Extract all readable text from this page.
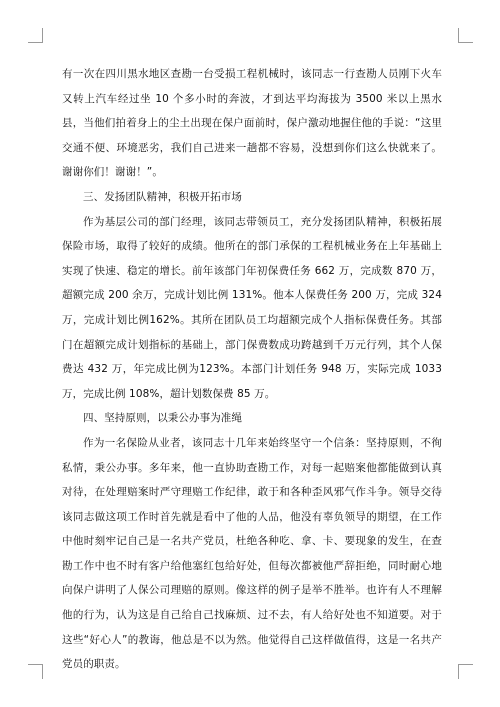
有一次在四川黑水地区查勘一台受损工程机械时，该同志一行查勘人员刚下火车又转上汽车经过坐 10 个多小时的奔波，才到达平均海拔为 3500 米以上黑水县，当他们拍着身上的尘土出现在保户面前时，保户激动地握住他的手说：“这里交通不便、环境恶劣，我们自己进来一趟都不容易，没想到你们这么快就来了。谢谢你们！谢谢！”。

三、发扬团队精神，积极开拓市场

作为基层公司的部门经理，该同志带领员工，充分发扬团队精神，积极拓展保险市场，取得了较好的成绩。他所在的部门承保的工程机械业务在上年基础上实现了快速、稳定的增长。前年该部门年初保费任务 662 万，完成数 870 万，超额完成 200 余万，完成计划比例 131%。他本人保费任务 200 万，完成 324 万，完成计划比例162%。其所在团队员工均超额完成个人指标保费任务。其部门在超额完成计划指标的基础上，部门保费数成功跨越到千万元行列，其个人保费达 432 万，年完成比例为123%。本部门计划任务 948 万，实际完成 1033 万，完成比例 108%，超计划数保费 85 万。

四、坚持原则，以秉公办事为准绳

作为一名保险从业者，该同志十几年来始终坚守一个信条：坚持原则，不徇私情，秉公办事。多年来，他一直协助查勘工作，对每一起赔案他都能做到认真对待，在处理赔案时严守理赔工作纪律，敢于和各种歪风邪气作斗争。领导交待该同志做这项工作时首先就是看中了他的人品，他没有辜负领导的期望，在工作中他时刻牢记自己是一名共产党员，杜绝各种吃、拿、卡、要现象的发生，在查勘工作中也不时有客户给他塞红包给好处，但每次都被他严辞拒绝，同时耐心地向保户讲明了人保公司理赔的原则。像这样的例子是举不胜举。也许有人不理解他的行为，认为这是自己给自己找麻烦、过不去，有人给好处也不知道要。对于这些“好心人”的教诲，他总是不以为然。他觉得自己这样做值得，这是一名共产党员的职责。
